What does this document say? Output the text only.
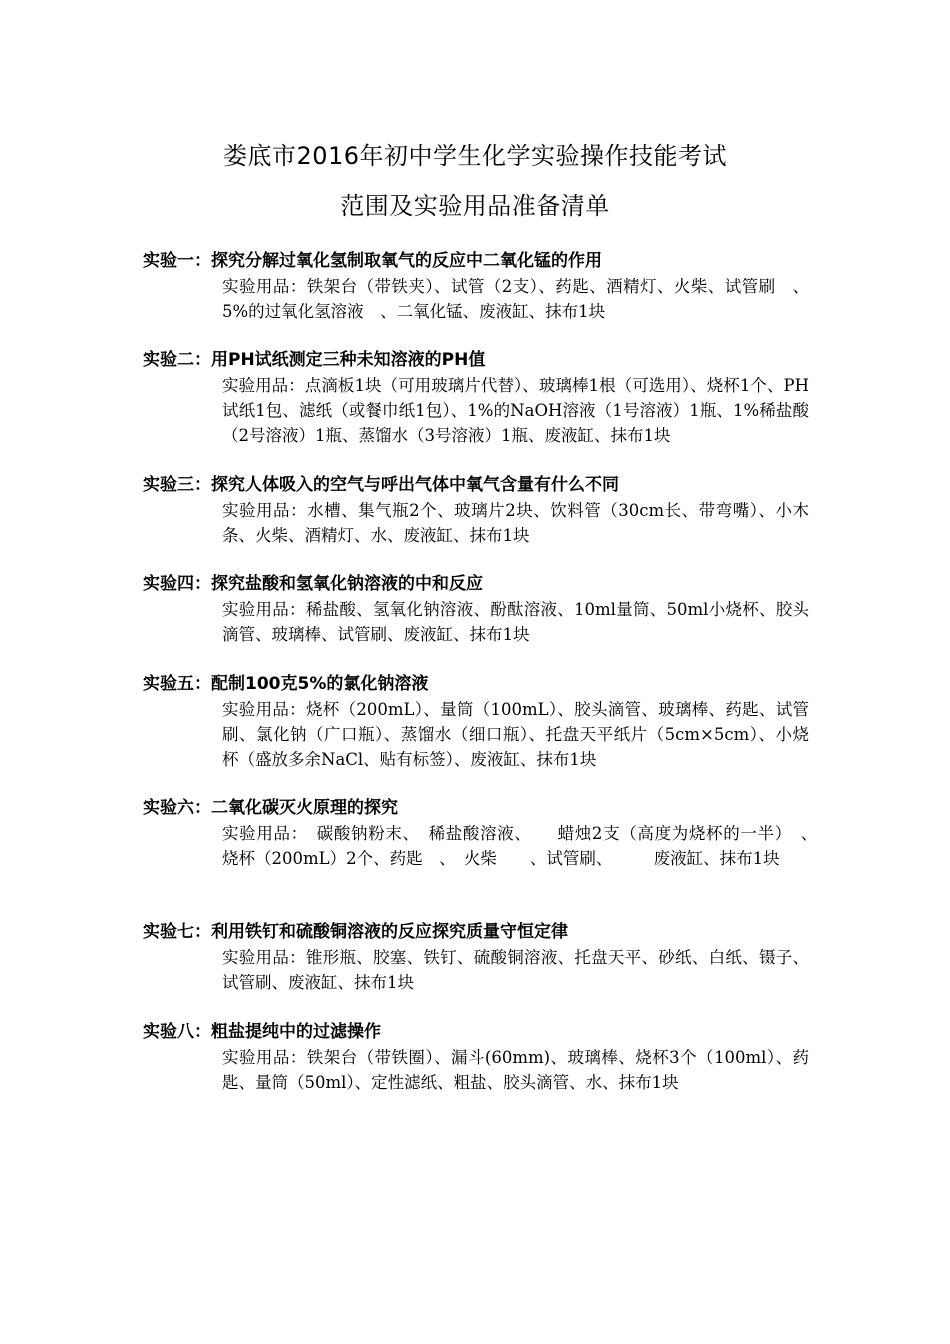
娄底市2016年初中学生化学实验操作技能考试
范围及实验用品准备清单
实验一：探究分解过氧化氢制取氧气的反应中二氧化锰的作用
实验用品：铁架台（带铁夹）、试管（2支）、药匙、酒精灯、火柴、试管刷　、5%的过氧化氢溶液　、二氧化锰、废液缸、抹布1块
实验二：用PH试纸测定三种未知溶液的PH值
实验用品：点滴板1块（可用玻璃片代替）、玻璃棒1根（可选用）、烧杯1个、PH试纸1包、滤纸（或餐巾纸1包）、1%的NaOH溶液（1号溶液）1瓶、1%稀盐酸（2号溶液）1瓶、蒸馏水（3号溶液）1瓶、废液缸、抹布1块
实验三：探究人体吸入的空气与呼出气体中氧气含量有什么不同
实验用品：水槽、集气瓶2个、玻璃片2块、饮料管（30cm长、带弯嘴）、小木条、火柴、酒精灯、水、废液缸、抹布1块
实验四：探究盐酸和氢氧化钠溶液的中和反应
实验用品：稀盐酸、氢氧化钠溶液、酚酞溶液、10ml量筒、50ml小烧杯、胶头滴管、玻璃棒、试管刷、废液缸、抹布1块
实验五：配制100克5%的氯化钠溶液
实验用品：烧杯（200mL）、量筒（100mL）、胶头滴管、玻璃棒、药匙、试管刷、氯化钠（广口瓶）、蒸馏水（细口瓶）、托盘天平纸片（5cm×5cm）、小烧杯（盛放多余NaCl、贴有标签）、废液缸、抹布1块
实验六：二氧化碳灭火原理的探究
实验用品：　碳酸钠粉末、　稀盐酸溶液、　　蜡烛2支（高度为烧杯的一半）　、　烧杯（200mL）2个、药匙　、　火柴　　、试管刷、　　　废液缸、抹布1块
实验七：利用铁钉和硫酸铜溶液的反应探究质量守恒定律
实验用品：锥形瓶、胶塞、铁钉、硫酸铜溶液、托盘天平、砂纸、白纸、镊子、试管刷、废液缸、抹布1块
实验八：粗盐提纯中的过滤操作
实验用品：铁架台（带铁圈）、漏斗(60mm)、玻璃棒、烧杯3个（100ml）、药匙、量筒（50ml）、定性滤纸、粗盐、胶头滴管、水、抹布1块
